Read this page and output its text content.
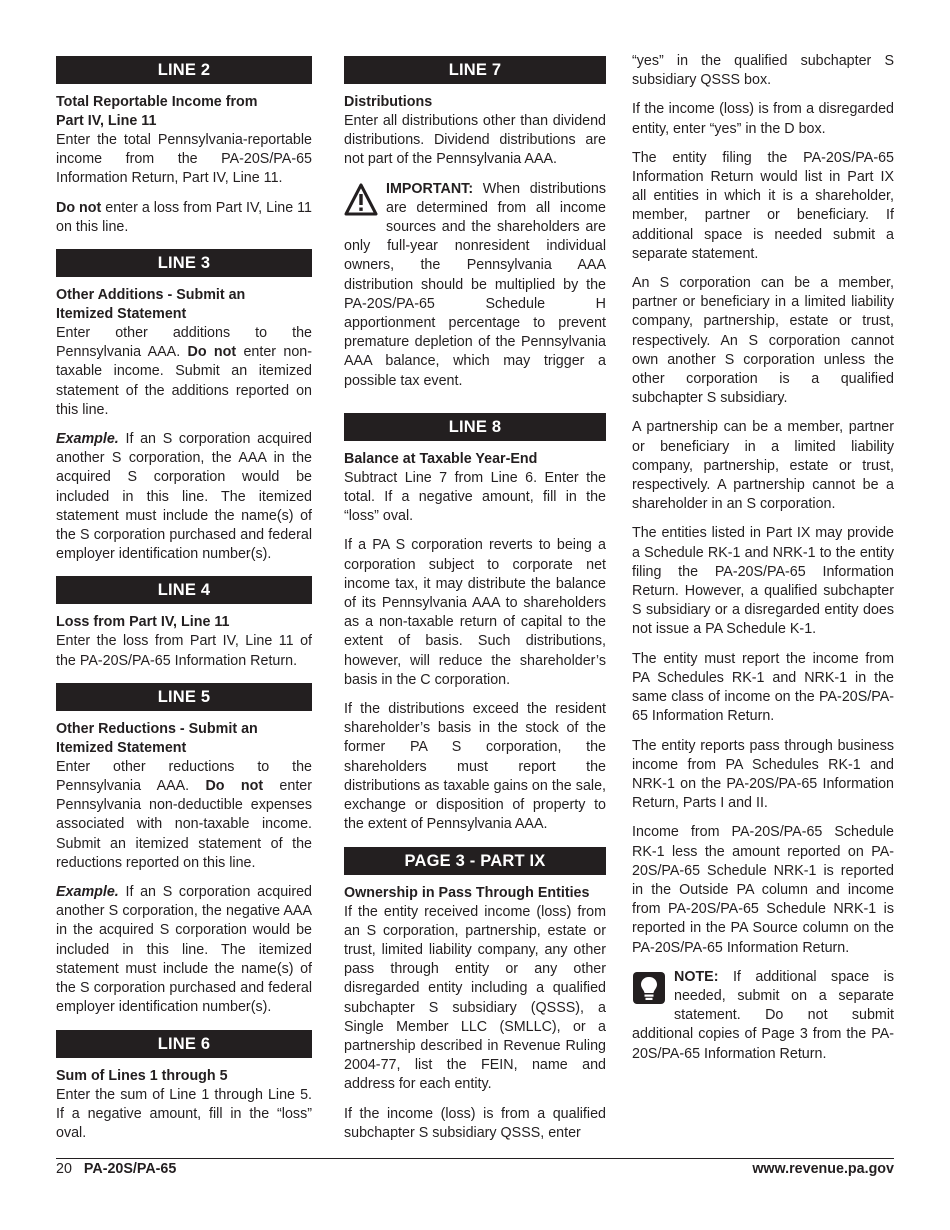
LINE 2
Total Reportable Income from
Part IV, Line 11

Enter the total Pennsylvania-reportable income from the PA-20S/PA-65 Information Return, Part IV, Line 11.

Do not enter a loss from Part IV, Line 11 on this line.

LINE 3
Other Additions - Submit an
Itemized Statement

Enter other additions to the Pennsylvania AAA. Do not enter non-taxable income. Submit an itemized statement of the additions reported on this line.

Example. If an S corporation acquired another S corporation, the AAA in the acquired S corporation would be included in this line. The itemized statement must include the name(s) of the S corporation purchased and federal employer identification number(s).

LINE 4
Loss from Part IV, Line 11

Enter the loss from Part IV, Line 11 of the PA-20S/PA-65 Information Return.

LINE 5
Other Reductions - Submit an
Itemized Statement

Enter other reductions to the Pennsylvania AAA. Do not enter Pennsylvania non-deductible expenses associated with non-taxable income. Submit an itemized statement of the reductions reported on this line.

Example. If an S corporation acquired another S corporation, the negative AAA in the acquired S corporation would be included in this line. The itemized statement must include the name(s) of the S corporation purchased and federal employer identification number(s).

LINE 6
Sum of Lines 1 through 5

Enter the sum of Line 1 through Line 5. If a negative amount, fill in the “loss” oval.

LINE 7
Distributions

Enter all distributions other than dividend distributions. Dividend distributions are not part of the Pennsylvania AAA.

IMPORTANT: When distributions are determined from all income sources and the shareholders are only full-year nonresident individual owners, the Pennsylvania AAA distribution should be multiplied by the PA-20S/PA-65 Schedule H apportionment percentage to prevent premature depletion of the Pennsylvania AAA balance, which may trigger a possible tax event.

LINE 8
Balance at Taxable Year-End

Subtract Line 7 from Line 6. Enter the total. If a negative amount, fill in the “loss” oval.

If a PA S corporation reverts to being a corporation subject to corporate net income tax, it may distribute the balance of its Pennsylvania AAA to shareholders as a non-taxable return of capital to the extent of basis. Such distributions, however, will reduce the shareholder’s basis in the C corporation.

If the distributions exceed the resident shareholder’s basis in the stock of the former PA S corporation, the shareholders must report the distributions as taxable gains on the sale, exchange or disposition of property to the extent of Pennsylvania AAA.

PAGE 3 - PART IX
Ownership in Pass Through Entities

If the entity received income (loss) from an S corporation, partnership, estate or trust, limited liability company, any other pass through entity or any other disregarded entity including a qualified subchapter S subsidiary (QSSS), a Single Member LLC (SMLLC), or a partnership described in Revenue Ruling 2004-77, list the FEIN, name and address for each entity.

If the income (loss) is from a qualified subchapter S subsidiary QSSS, enter

“yes” in the qualified subchapter S subsidiary QSSS box.

If the income (loss) is from a disregarded entity, enter “yes” in the D box.

The entity filing the PA-20S/PA-65 Information Return would list in Part IX all entities in which it is a shareholder, member, partner or beneficiary. If additional space is needed submit a separate statement.

An S corporation can be a member, partner or beneficiary in a limited liability company, partnership, estate or trust, respectively. An S corporation cannot own another S corporation unless the other corporation is a qualified subchapter S subsidiary.

A partnership can be a member, partner or beneficiary in a limited liability company, partnership, estate or trust, respectively. A partnership cannot be a shareholder in an S corporation.

The entities listed in Part IX may provide a Schedule RK-1 and NRK-1 to the entity filing the PA-20S/PA-65 Information Return. However, a qualified subchapter S subsidiary or a disregarded entity does not issue a PA Schedule K-1.

The entity must report the income from PA Schedules RK-1 and NRK-1 in the same class of income on the PA-20S/PA-65 Information Return.

The entity reports pass through business income from PA Schedules RK-1 and NRK-1 on the PA-20S/PA-65 Information Return, Parts I and II.

Income from PA-20S/PA-65 Schedule RK-1 less the amount reported on PA-20S/PA-65 Schedule NRK-1 is reported in the Outside PA column and income from PA-20S/PA-65 Schedule NRK-1 is reported in the PA Source column on the PA-20S/PA-65 Information Return.

NOTE: If additional space is needed, submit on a separate statement. Do not submit additional copies of Page 3 from the PA-20S/PA-65 Information Return.

20 PA-20S/PA-65	www.revenue.pa.gov
